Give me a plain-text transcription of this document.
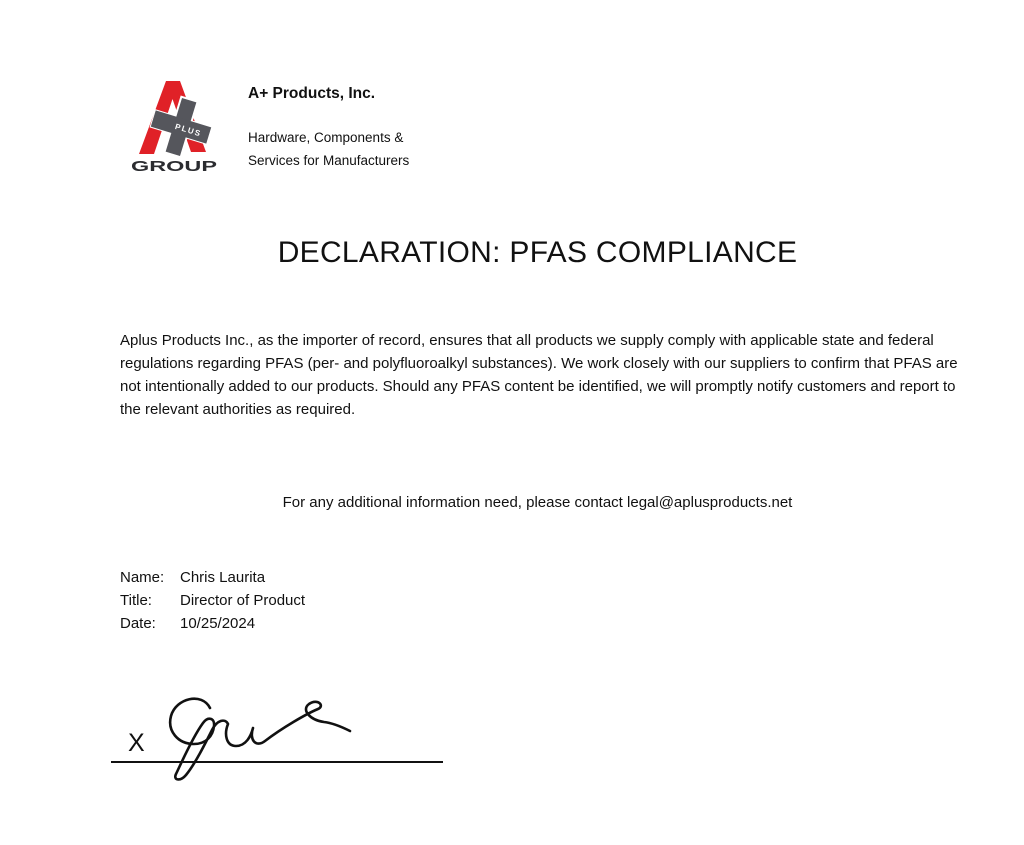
PLUS
GROUP
A+ Products, Inc.
Hardware, Components &
Services for Manufacturers
DECLARATION: PFAS COMPLIANCE
Aplus Products Inc., as the importer of record, ensures that all products we supply comply with applicable state and federal regulations regarding PFAS (per- and polyfluoroalkyl substances). We work closely with our suppliers to confirm that PFAS are not intentionally added to our products. Should any PFAS content be identified, we will promptly notify customers and report to the relevant authorities as required.
For any additional information need, please contact legal@aplusproducts.net
Name:	Chris Laurita
Title:	Director of Product
Date:	10/25/2024
X
